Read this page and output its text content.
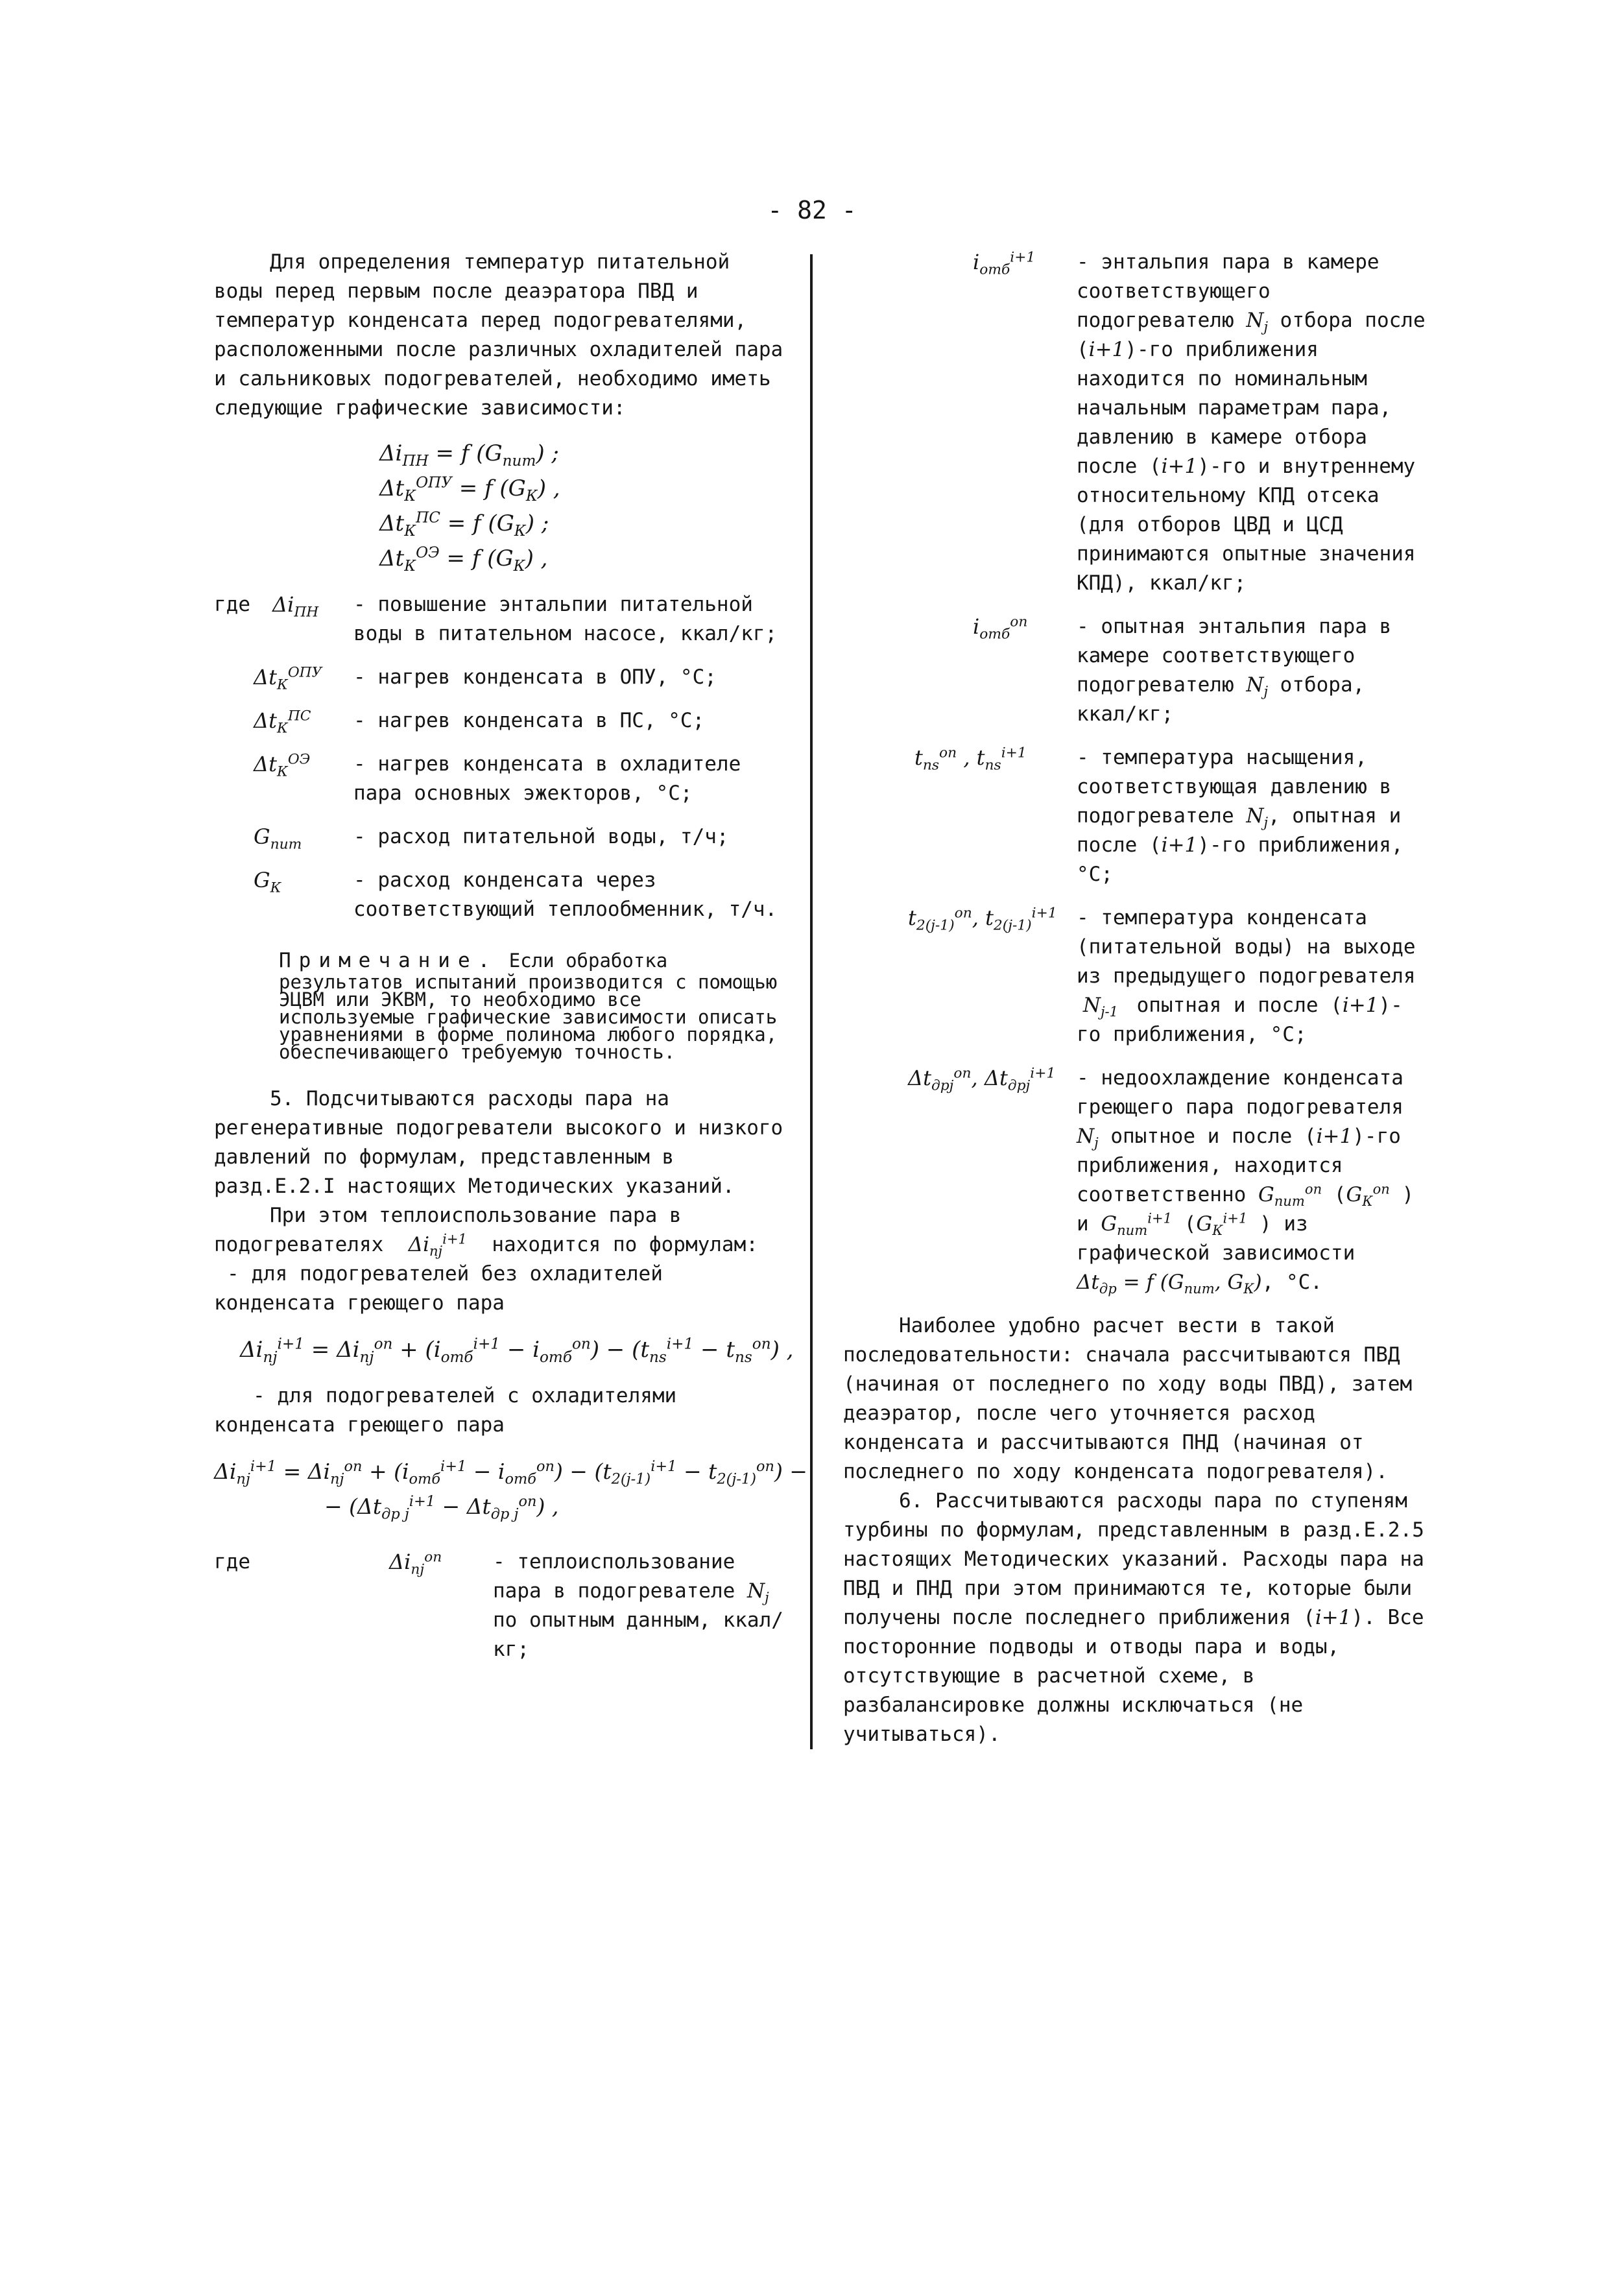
- 82 -

Для определения температур питательной воды перед первым после деаэратора ПВД и температур конденсата перед подогревателями, расположенными после различных охладителей пара и сальниковых подогревателей, необходимо иметь следующие графические зависимости:

$\Delta i_{ПН} = f$ $(G_{пит})$ ;
$\Delta t_К^{ОПУ} = f$ $(G_К)$ ,
$\Delta t_К^{ПС} = f$ $(G_К)$ ;
$\Delta t_К^{ОЭ} = f$ $(G_К)$ ,
где	$\Delta i_{ПН}$	- повышение энтальпии питательной воды в питательном насосе, ккал/кг;
$\Delta t_К^{ОПУ}$	- нагрев конденсата в ОПУ, °С;
$\Delta t_К^{ПС}$	- нагрев конденсата в ПС, °С;
$\Delta t_К^{ОЭ}$	- нагрев конденсата в охладителе пара основных эжекторов, °С;
$G_{пит}$	- расход питательной воды, т/ч;
$G_К$	- расход конденсата через соответствующий теплообменник, т/ч.

Примечание. Если обработка результатов испытаний производится с помощью ЭЦВМ или ЭКВМ, то необходимо все используемые графические зависимости описать уравнениями в форме полинома любого порядка, обеспечивающего требуемую точность.

5. Подсчитываются расходы пара на регенеративные подогреватели высокого и низкого давлений по формулам, представленным в разд.Е.2.I настоящих Методических указаний.

При этом теплоиспользование пара в подогревателях   $\Delta i_{пj}^{i+1}$ находится по формулам:

- для подогревателей без охладителей конденсата греющего пара

$\Delta i_{пj}^{i+1} = \Delta i_{пj}^{оп} + (i_{отб}^{i+1} - i_{отб}^{оп}) - (t_{пs}^{i+1} - t_{пs}^{оп})$ ,

- для подогревателей с охладителями конденсата греющего пара

$\Delta i_{пj}^{i+1} = \Delta i_{пj}^{оп} + (i_{отб}^{i+1} - i_{отб}^{оп}) - (t_{2(j-1)}^{i+1} - t_{2(j-1)}^{оп})$ −
− $(\Delta t_{др j}^{i+1} - \Delta t_{др j}^{оп})$ ,
где	$\Delta i_{пj}^{оп}$	- теплоиспользование пара в подогревателе $N_j$ по опытным данным, ккал/кг;
$i_{отб}^{i+1}$	- энтальпия пара в камере соответствующего подогревателю $N_j$ отбора после (i+1)-го приближения находится по номинальным начальным параметрам пара, давлению в камере отбора после (i+1)-го и внутреннему относительному КПД отсека (для отборов ЦВД и ЦСД принимаются опытные значения КПД), ккал/кг;
$i_{отб}^{оп}$	- опытная энтальпия пара в камере соответствующего подогревателю $N_j$ отбора, ккал/кг;
$t_{пs}^{оп}$ , $t_{пs}^{i+1}$	- температура насыщения, соответствующая давлению в подогревателе $N_j$, опытная и после (i+1)-го приближения, °С;
$t_{2(j-1)}^{оп}$, $t_{2(j-1)}^{i+1}$ - температура конденсата (питательной воды) на выходе из предыдущего подогревателя  $N_{j-1}$ опытная и после (i+1)-го приближения, °С;
$\Delta t_{дрj}^{оп}$, $\Delta t_{дрj}^{i+1}$	- недоохлаждение конденсата греющего пара подогревателя $N_j$ опытное и после (i+1)-го приближения, находится соответственно $G_{пит}^{оп}$ ($G_К^{оп}$ ) и $G_{пит}^{i+1}$ ($G_К^{i+1}$ ) из графической зависимости $\Delta t_{др} = f$ ($G_{пит}$, $G_К$), °С.

Наиболее удобно расчет вести в такой последовательности: сначала рассчитываются ПВД (начиная от последнего по ходу воды ПВД), затем деаэратор, после чего уточняется расход конденсата и рассчитываются ПНД (начиная от последнего по ходу конденсата подогревателя).

6. Рассчитываются расходы пара по ступеням турбины по формулам, представленным в разд.Е.2.5 настоящих Методических указаний. Расходы пара на ПВД и ПНД при этом принимаются те, которые были получены после последнего приближения (i+1). Все посторонние подводы и отводы пара и воды, отсутствующие в расчетной схеме, в разбалансировке должны исключаться (не учитываться).
